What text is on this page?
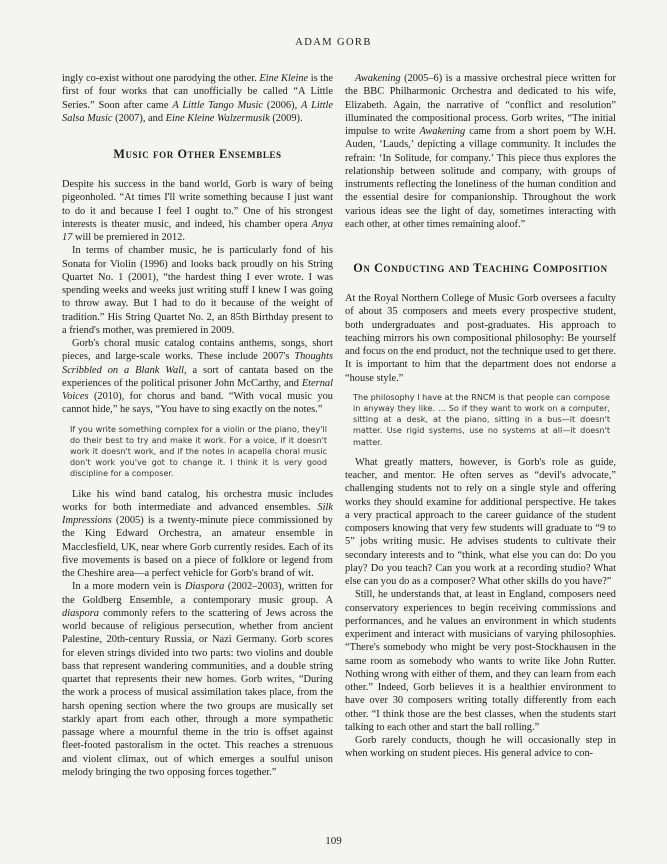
ADAM GORB

ingly co-exist without one parodying the other. Eine Kleine is the first of four works that can unofficially be called “A Little Series.” Soon after came A Little Tango Music (2006), A Little Salsa Music (2007), and Eine Kleine Walzermusik (2009).

Music for Other Ensembles

Despite his success in the band world, Gorb is wary of being pigeonholed. “At times I'll write something because I just want to do it and because I feel I ought to.” One of his strongest interests is theater music, and indeed, his chamber opera Anya 17 will be premiered in 2012.

In terms of chamber music, he is particularly fond of his Sonata for Violin (1996) and looks back proudly on his String Quartet No. 1 (2001), “the hardest thing I ever wrote. I was spending weeks and weeks just writing stuff I knew I was going to throw away. But I had to do it because of the weight of tradition.” His String Quartet No. 2, an 85th Birthday present to a friend's mother, was premiered in 2009.

Gorb's choral music catalog contains anthems, songs, short pieces, and large-scale works. These include 2007's Thoughts Scribbled on a Blank Wall, a sort of cantata based on the experiences of the political prisoner John McCarthy, and Eternal Voices (2010), for chorus and band. “With vocal music you cannot hide,” he says, “You have to sing exactly on the notes.”

If you write something complex for a violin or the piano, they'll do their best to try and make it work. For a voice, if it doesn't work it doesn't work, and if the notes in acapella choral music don't work you've got to change it. I think it is very good discipline for a composer.

Like his wind band catalog, his orchestra music includes works for both intermediate and advanced ensembles. Silk Impressions (2005) is a twenty-minute piece commissioned by the King Edward Orchestra, an amateur ensemble in Macclesfield, UK, near where Gorb currently resides. Each of its five movements is based on a piece of folklore or legend from the Cheshire area—a perfect vehicle for Gorb's brand of wit.

In a more modern vein is Diaspora (2002–2003), written for the Goldberg Ensemble, a contemporary music group. A diaspora commonly refers to the scattering of Jews across the world because of religious persecution, whether from ancient Palestine, 20th-century Russia, or Nazi Germany. Gorb scores for eleven strings divided into two parts: two violins and double bass that represent wandering communities, and a double string quartet that represents their new homes. Gorb writes, “During the work a process of musical assimilation takes place, from the harsh opening section where the two groups are musically set starkly apart from each other, through a more sympathetic passage where a mournful theme in the trio is offset against fleet-footed pastoralism in the octet. This reaches a strenuous and violent climax, out of which emerges a soulful unison melody bringing the two opposing forces together.”

Awakening (2005–6) is a massive orchestral piece written for the BBC Philharmonic Orchestra and dedicated to his wife, Elizabeth. Again, the narrative of “conflict and resolution” illuminated the compositional process. Gorb writes, “The initial impulse to write Awakening came from a short poem by W.H. Auden, ‘Lauds,’ depicting a village community. It includes the refrain: ‘In Solitude, for company.’ This piece thus explores the relationship between solitude and company, with groups of instruments reflecting the loneliness of the human condition and the essential desire for companionship. Throughout the work various ideas see the light of day, sometimes interacting with each other, at other times remaining aloof.”

On Conducting and Teaching Composition

At the Royal Northern College of Music Gorb oversees a faculty of about 35 composers and meets every prospective student, both undergraduates and post-graduates. His approach to teaching mirrors his own compositional philosophy: Be yourself and focus on the end product, not the technique used to get there. It is important to him that the department does not endorse a “house style.”

The philosophy I have at the RNCM is that people can compose in anyway they like. ... So if they want to work on a computer, sitting at a desk, at the piano, sitting in a bus—it doesn't matter. Use rigid systems, use no systems at all—it doesn't matter.

What greatly matters, however, is Gorb's role as guide, teacher, and mentor. He often serves as “devil's advocate,” challenging students not to rely on a single style and offering works they should examine for additional perspective. He takes a very practical approach to the career guidance of the student composers knowing that very few students will graduate to “9 to 5” jobs writing music. He advises students to cultivate their secondary interests and to “think, what else you can do: Do you play? Do you teach? Can you work at a recording studio? What else can you do as a composer? What other skills do you have?”

Still, he understands that, at least in England, composers need conservatory experiences to begin receiving commissions and performances, and he values an environment in which students experiment and interact with musicians of varying philosophies. “There's somebody who might be very post-Stockhausen in the same room as somebody who wants to write like John Rutter. Nothing wrong with either of them, and they can learn from each other.” Indeed, Gorb believes it is a healthier environment to have over 30 composers writing totally differently from each other. “I think those are the best classes, when the students start talking to each other and start the ball rolling.”

Gorb rarely conducts, though he will occasionally step in when working on student pieces. His general advice to con-

109
